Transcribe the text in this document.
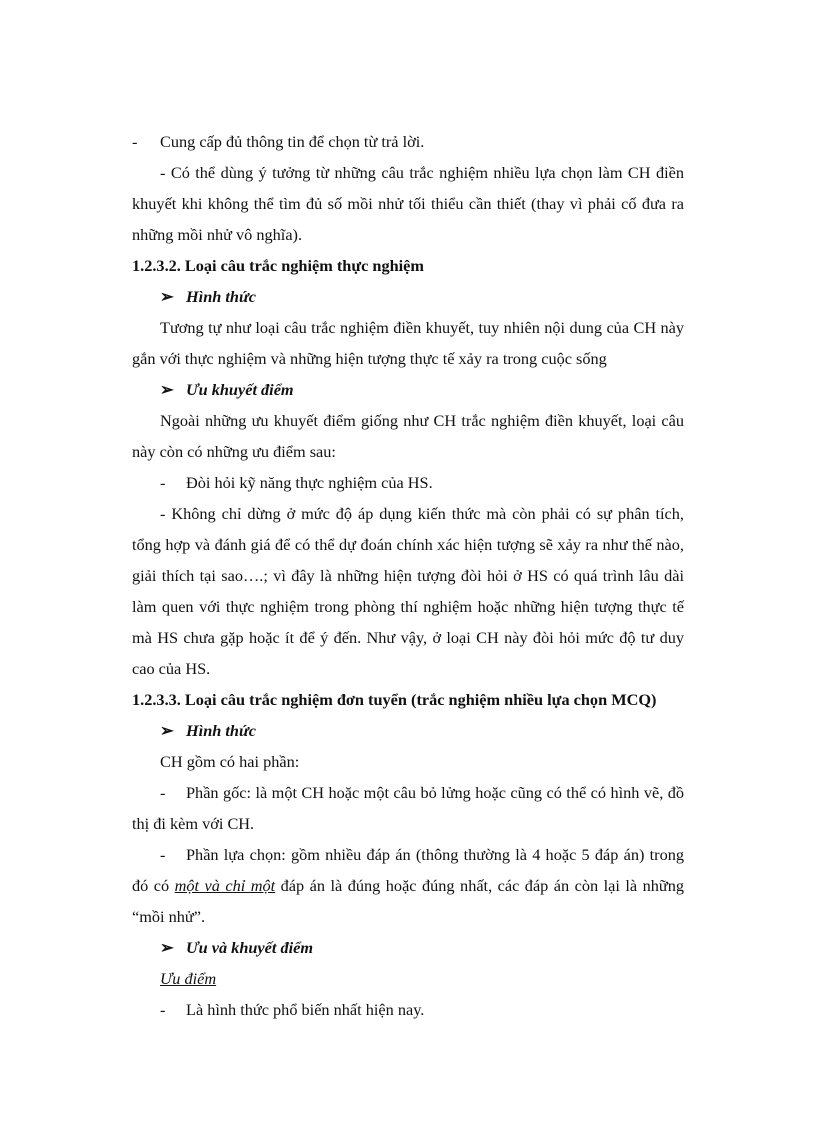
- Cung cấp đủ thông tin để chọn từ trả lời.

- Có thể dùng ý tưởng từ những câu trắc nghiệm nhiều lựa chọn làm CH điền khuyết khi không thể tìm đủ số mồi nhử tối thiểu cần thiết (thay vì phải cố đưa ra những mồi nhử vô nghĩa).

1.2.3.2. Loại câu trắc nghiệm thực nghiệm

➢ Hình thức

Tương tự như loại câu trắc nghiệm điền khuyết, tuy nhiên nội dung của CH này gắn với thực nghiệm và những hiện tượng thực tế xảy ra trong cuộc sống

➢ Ưu khuyết điểm

Ngoài những ưu khuyết điểm giống như CH trắc nghiệm điền khuyết, loại câu này còn có những ưu điểm sau:

- Đòi hỏi kỹ năng thực nghiệm của HS.

- Không chỉ dừng ở mức độ áp dụng kiến thức mà còn phải có sự phân tích, tổng hợp và đánh giá để có thể dự đoán chính xác hiện tượng sẽ xảy ra như thế nào, giải thích tại sao….; vì đây là những hiện tượng đòi hỏi ở HS có quá trình lâu dài làm quen với thực nghiệm trong phòng thí nghiệm hoặc những hiện tượng thực tế mà HS chưa gặp hoặc ít để ý đến. Như vậy, ở loại CH này đòi hỏi mức độ tư duy cao của HS.

1.2.3.3. Loại câu trắc nghiệm đơn tuyển (trắc nghiệm nhiều lựa chọn MCQ)

➢ Hình thức

CH gồm có hai phần:

- Phần gốc: là một CH hoặc một câu bỏ lửng hoặc cũng có thể có hình vẽ, đồ thị đi kèm với CH.

- Phần lựa chọn: gồm nhiều đáp án (thông thường là 4 hoặc 5 đáp án) trong đó có một và chỉ một đáp án là đúng hoặc đúng nhất, các đáp án còn lại là những “mồi nhử”.

➢ Ưu và khuyết điểm

Ưu điểm

- Là hình thức phổ biến nhất hiện nay.
